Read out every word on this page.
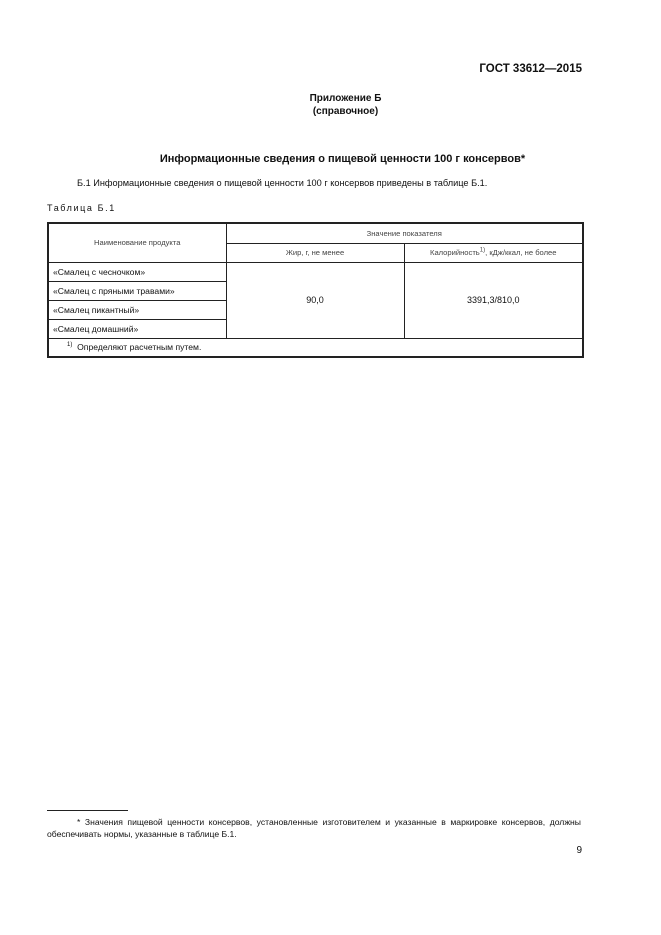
ГОСТ 33612—2015
Приложение Б
(справочное)
Информационные сведения о пищевой ценности 100 г консервов*
Б.1 Информационные сведения о пищевой ценности 100 г консервов приведены в таблице Б.1.
Таблица Б.1
Наименование продукта	Значение показателя	
	Жир, г, не менее	Калорийность$^{1)}$, кДж/ккал, не более
«Смалец с чесночком»	90,0	3391,3/810,0
«Смалец с пряными травами»		
«Смалец пикантный»		
«Смалец домашний»		
$^{1)}$ Определяют расчетным путем.		
* Значения пищевой ценности консервов, установленные изготовителем и указанные в маркировке консервов, должны обеспечивать нормы, указанные в таблице Б.1.
9
